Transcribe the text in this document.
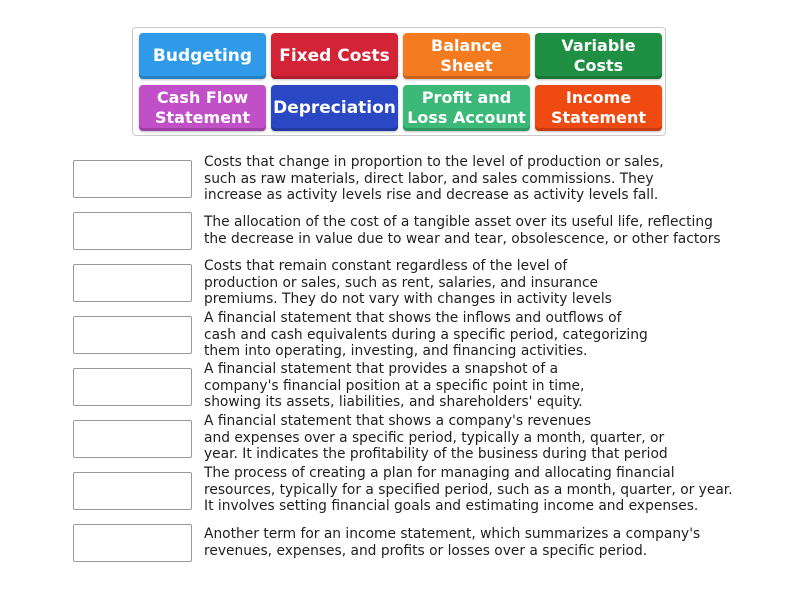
Budgeting	Fixed Costs
Balance
Sheet
Variable
Costs
Cash Flow
Statement	Depreciation
Profit and
Loss Account
Income
Statement
Costs that change in proportion to the level of production or sales,
such as raw materials, direct labor, and sales commissions. They
increase as activity levels rise and decrease as activity levels fall.
The allocation of the cost of a tangible asset over its useful life, reflecting
the decrease in value due to wear and tear, obsolescence, or other factors
Costs that remain constant regardless of the level of
production or sales, such as rent, salaries, and insurance
premiums. They do not vary with changes in activity levels
A financial statement that shows the inflows and outflows of
cash and cash equivalents during a specific period, categorizing
them into operating, investing, and financing activities.
A financial statement that provides a snapshot of a
company's financial position at a specific point in time,
showing its assets, liabilities, and shareholders' equity.
A financial statement that shows a company's revenues
and expenses over a specific period, typically a month, quarter, or
year. It indicates the profitability of the business during that period
The process of creating a plan for managing and allocating financial
resources, typically for a specified period, such as a month, quarter, or year.
It involves setting financial goals and estimating income and expenses.
Another term for an income statement, which summarizes a company's
revenues, expenses, and profits or losses over a specific period.
